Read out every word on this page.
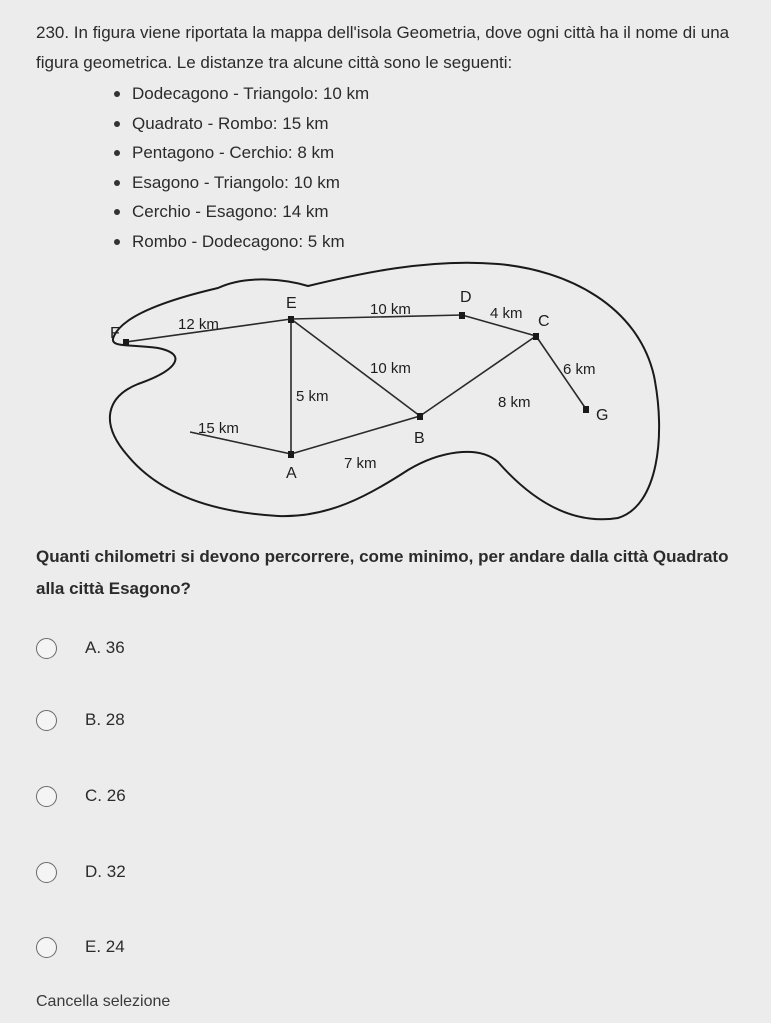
230. In figura viene riportata la mappa dell'isola Geometria, dove ogni città ha il nome di una figura geometrica. Le distanze tra alcune città sono le seguenti:
Dodecagono - Triangolo: 10 km
Quadrato - Rombo: 15 km
Pentagono - Cerchio: 8 km
Esagono - Triangolo: 10 km
Cerchio - Esagono: 14 km
Rombo - Dodecagono: 5 km
E	D
C
F
B
A
G
12 km
10 km	4 km
10 km
5 km
6 km
8 km
15 km
7 km
Quanti chilometri si devono percorrere, come minimo, per andare dalla città Quadrato alla città Esagono?
A. 36
B. 28
C. 26
D. 32
E. 24
Cancella selezione
